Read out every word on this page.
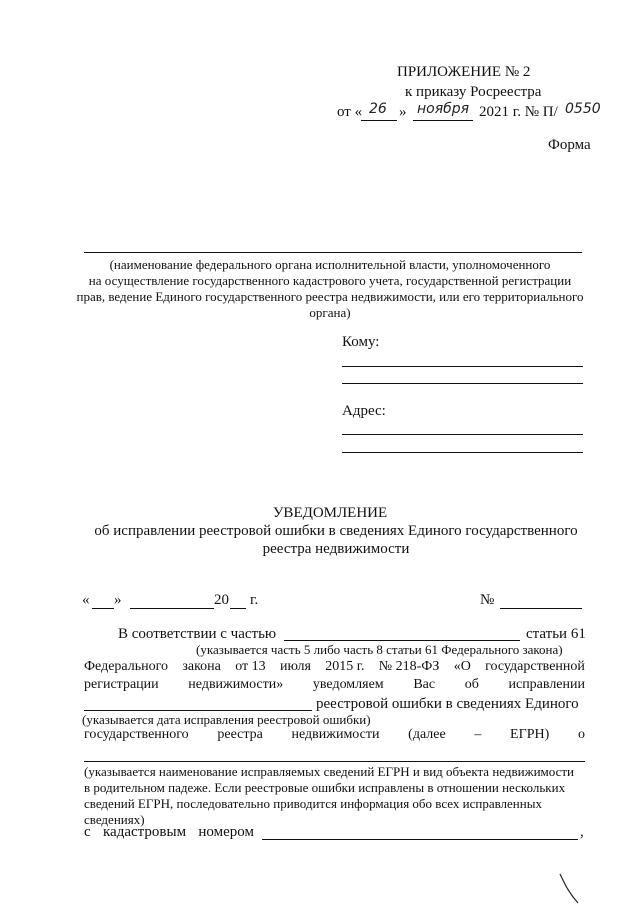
ПРИЛОЖЕНИЕ № 2
к приказу Росреестра
от « 26 » ноября 2021 г. № П/ 0550
Форма
(наименование федерального органа исполнительной власти, уполномоченного
на осуществление государственного кадастрового учета, государственной регистрации
прав, ведение Единого государственного реестра недвижимости, или его территориального
органа)
Кому:
Адрес:
УВЕДОМЛЕНИЕ
об исправлении реестровой ошибки в сведениях Единого государственного
реестра недвижимости
« »	20 г.	№
В соответствии с частью	статьи 61
(указывается часть 5 либо часть 8 статьи 61 Федерального закона)
Федерального закона от 13 июля 2015 г. № 218-ФЗ «О государственной
регистрации недвижимости» уведомляем Вас об исправлении
реестровой ошибки в сведениях Единого
(указывается дата исправления реестровой ошибки)
государственного реестра недвижимости (далее – ЕГРН) о
(указывается наименование исправляемых сведений ЕГРН и вид объекта недвижимости
в родительном падеже. Если реестровые ошибки исправлены в отношении нескольких
сведений ЕГРН, последовательно приводится информация обо всех исправленных
сведениях)
с кадастровым номером	,
